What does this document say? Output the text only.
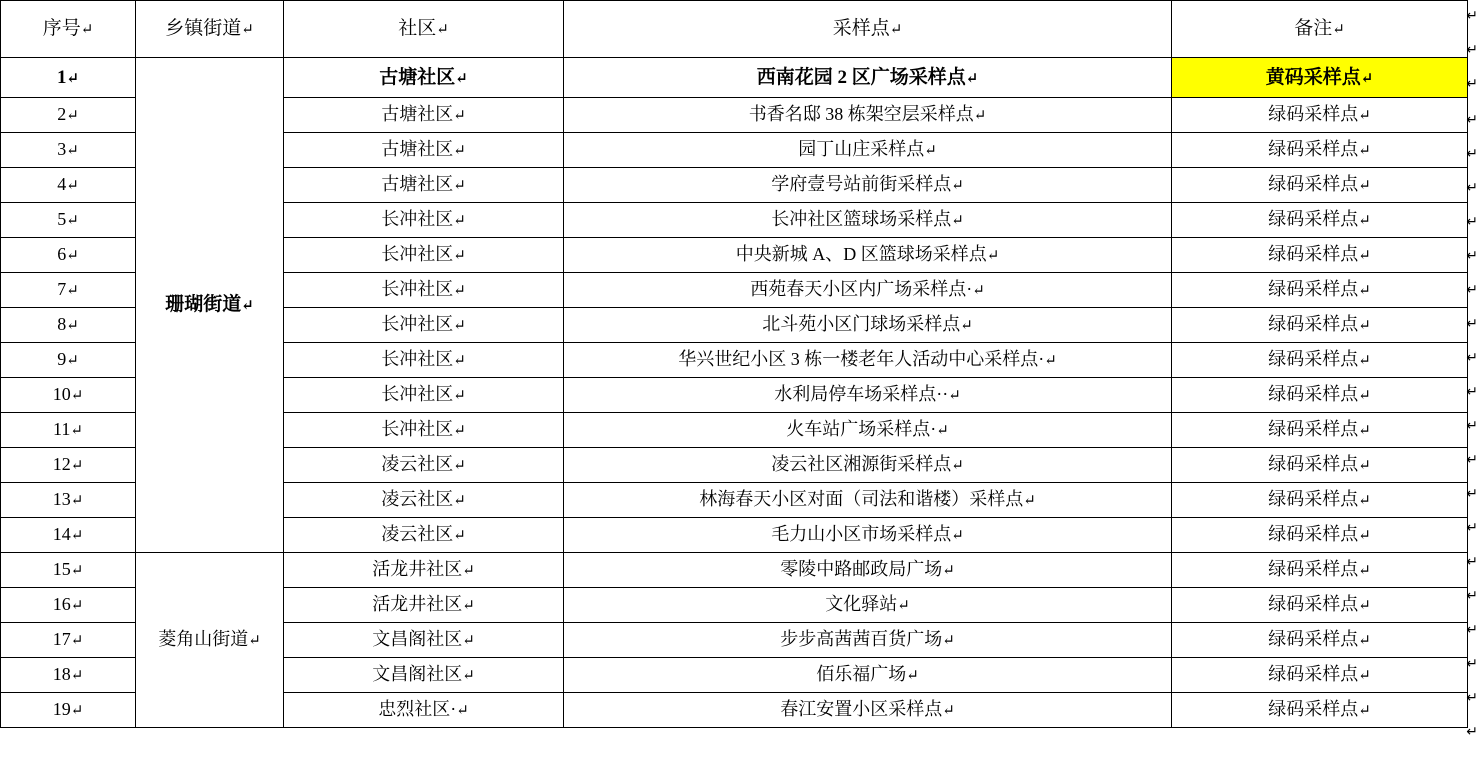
序号↵	乡镇街道↵	社区↵	采样点↵	备注↵
1↵	珊瑚街道↵	古塘社区↵	西南花园 2 区广场采样点↵	黄码采样点↵
2↵		古塘社区↵	书香名邸 38 栋架空层采样点↵	绿码采样点↵
3↵		古塘社区↵	园丁山庄采样点↵	绿码采样点↵
4↵		古塘社区↵	学府壹号站前街采样点↵	绿码采样点↵
5↵		长冲社区↵	长冲社区篮球场采样点↵	绿码采样点↵
6↵		长冲社区↵	中央新城 A、D 区篮球场采样点↵	绿码采样点↵
7↵		长冲社区↵	西苑春天小区内广场采样点·↵	绿码采样点↵
8↵		长冲社区↵	北斗苑小区门球场采样点↵	绿码采样点↵
9↵		长冲社区↵	华兴世纪小区 3 栋一楼老年人活动中心采样点·↵	绿码采样点↵
10↵		长冲社区↵	水利局停车场采样点··↵	绿码采样点↵
11↵		长冲社区↵	火车站广场采样点·↵	绿码采样点↵
12↵		凌云社区↵	凌云社区湘源街采样点↵	绿码采样点↵
13↵		凌云社区↵	林海春天小区对面（司法和谐楼）采样点↵	绿码采样点↵
14↵		凌云社区↵	毛力山小区市场采样点↵	绿码采样点↵
15↵	菱角山街道↵	活龙井社区↵	零陵中路邮政局广场↵	绿码采样点↵
16↵		活龙井社区↵	文化驿站↵	绿码采样点↵
17↵		文昌阁社区↵	步步高茜茜百货广场↵	绿码采样点↵
18↵		文昌阁社区↵	佰乐福广场↵	绿码采样点↵
19↵		忠烈社区·↵	春江安置小区采样点↵	绿码采样点↵
↵
↵
↵
↵
↵
↵
↵
↵
↵
↵
↵
↵
↵
↵
↵
↵
↵
↵
↵
↵
↵
↵
